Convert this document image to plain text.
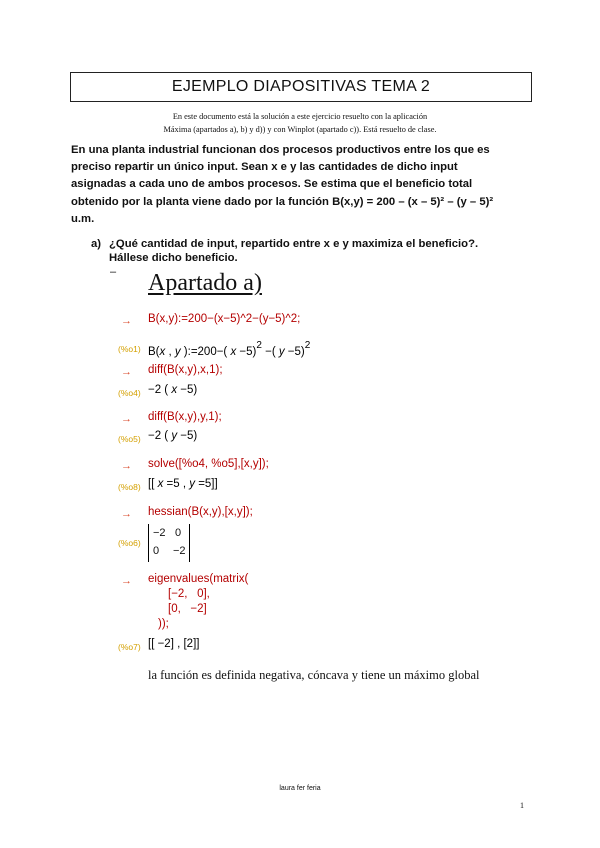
EJEMPLO DIAPOSITIVAS TEMA 2
En este documento está la solución a este ejercicio resuelto con la aplicación
Máxima (apartados a), b) y d)) y con Winplot (apartado c)). Está resuelto de clase.
En una planta industrial funcionan dos procesos productivos entre los que es
preciso repartir un único input. Sean x e y las cantidades de dicho input
asignadas a cada uno de ambos procesos. Se estima que el beneficio total
obtenido por la planta viene dado por la función B(x,y) = 200 – (x – 5)² – (y – 5)²
u.m.
a) ¿Qué cantidad de input, repartido entre x e y maximiza el beneficio?.
Hállese dicho beneficio.
– Apartado a)
→ B(x,y):=200−(x−5)^2−(y−5)^2;
(%o1) B(x , y ):=200−( x −5)$^2$ −( y −5)$^2$
→ diff(B(x,y),x,1);
(%o4) −2 ( x −5)
→ diff(B(x,y),y,1);
(%o5) −2 ( y −5)
→ solve([%o4, %o5],[x,y]);
(%o8) [[ x =5 , y =5]]
→ hessian(B(x,y),[x,y]);
(%o6)
−2 0
0 −2
→ eigenvalues(matrix(
[−2,   0],
[0,   −2]
));
(%o7) [[ −2] , [2]]
la función es definida negativa, cóncava y tiene un máximo global
laura fer feria
1
